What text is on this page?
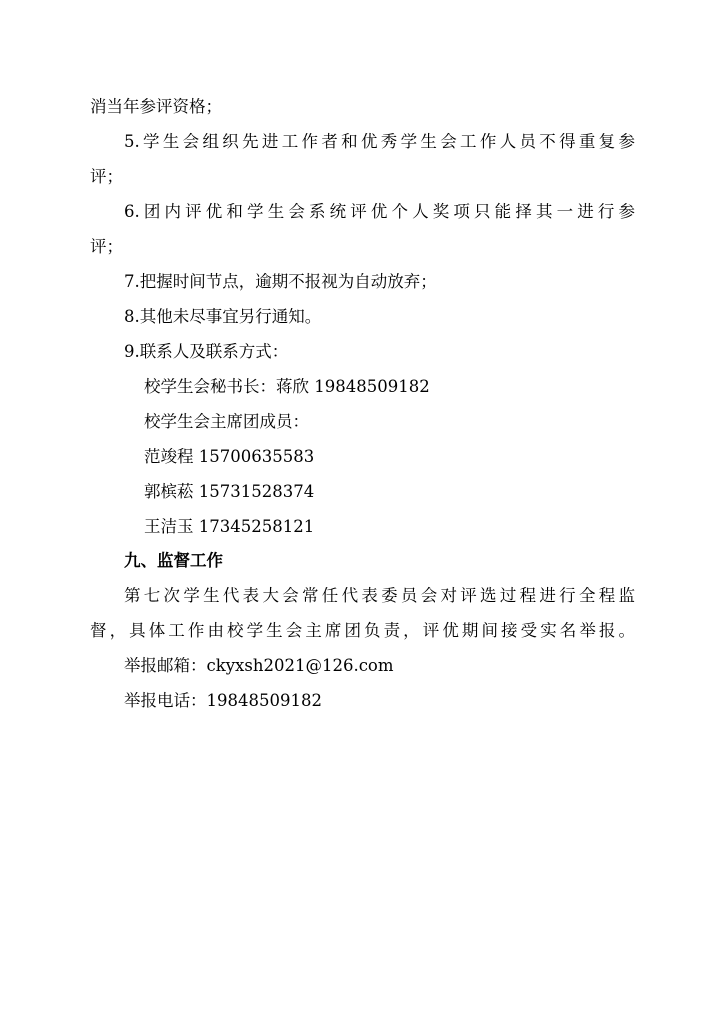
消当年参评资格；
5.学生会组织先进工作者和优秀学生会工作人员不得重复参
评；
6.团内评优和学生会系统评优个人奖项只能择其一进行参
评；
7.把握时间节点，逾期不报视为自动放弃；
8.其他未尽事宜另行通知。
9.联系人及联系方式：
校学生会秘书长：蒋欣 19848509182
校学生会主席团成员：
范竣程 15700635583
郭槟菘 15731528374
王洁玉 17345258121
九、监督工作
第七次学生代表大会常任代表委员会对评选过程进行全程监
督，具体工作由校学生会主席团负责，评优期间接受实名举报。
举报邮箱：ckyxsh2021@126.com
举报电话：19848509182
